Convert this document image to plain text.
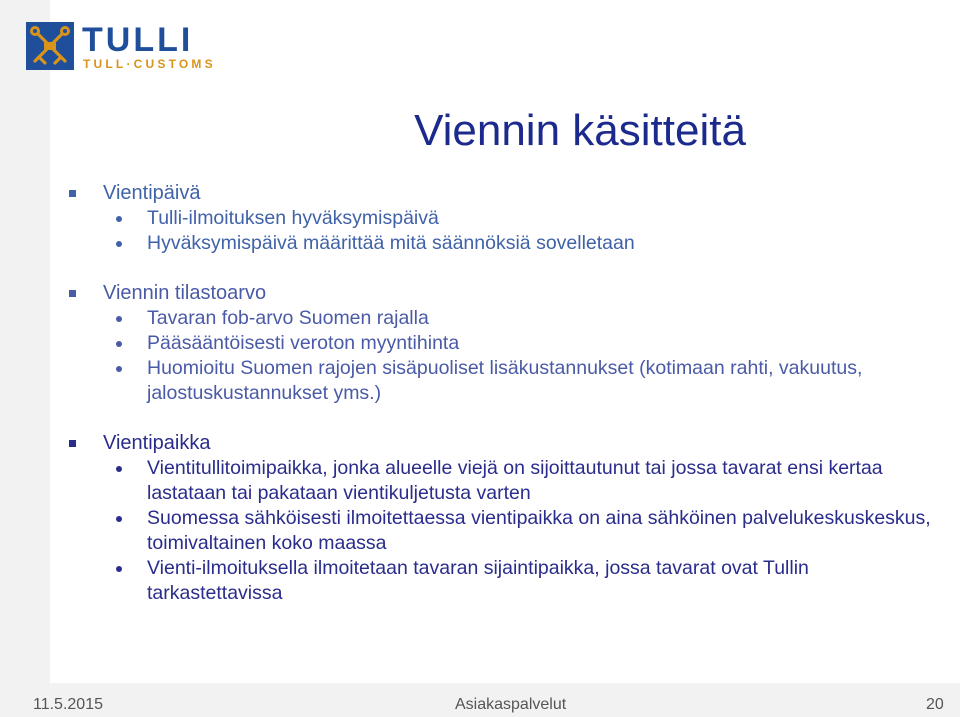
TULLI
TULL·CUSTOMS
Viennin käsitteitä
Vientipäivä
Tulli-ilmoituksen hyväksymispäivä
Hyväksymispäivä määrittää mitä säännöksiä sovelletaan
Viennin tilastoarvo
Tavaran fob-arvo Suomen rajalla
Pääsääntöisesti veroton myyntihinta
Huomioitu Suomen rajojen sisäpuoliset lisäkustannukset (kotimaan rahti, vakuutus, jalostuskustannukset yms.)
Vientipaikka
Vientitullitoimipaikka, jonka alueelle viejä on sijoittautunut tai jossa tavarat ensi kertaa lastataan tai pakataan vientikuljetusta varten
Suomessa sähköisesti ilmoitettaessa vientipaikka on aina sähköinen palvelukeskuskeskus, toimivaltainen koko maassa
Vienti-ilmoituksella ilmoitetaan tavaran sijaintipaikka, jossa tavarat ovat Tullin tarkastettavissa
11.5.2015	Asiakaspalvelut	20
